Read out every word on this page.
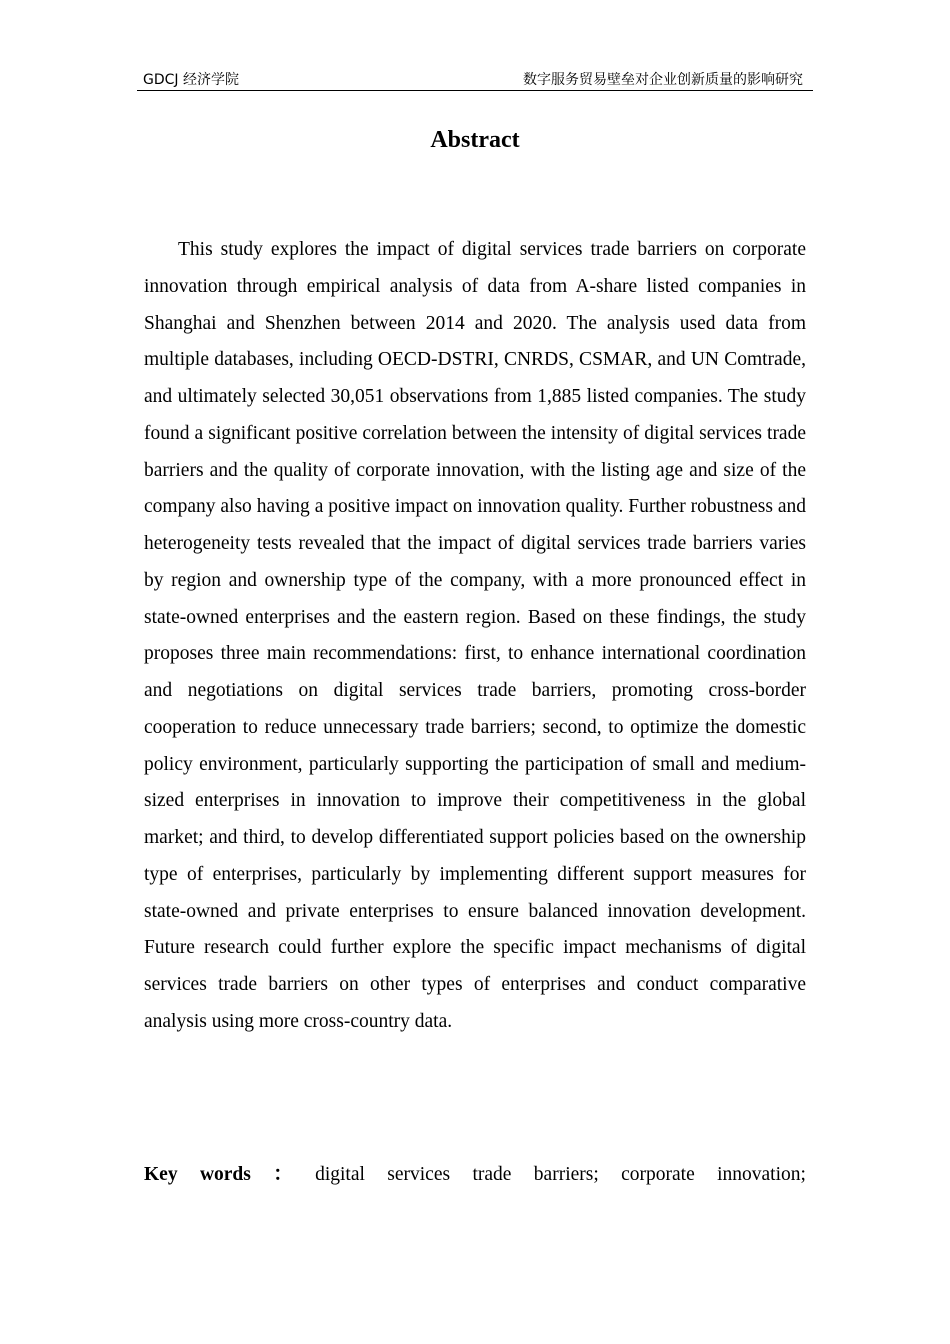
GDCJ 经济学院	数字服务贸易壁垒对企业创新质量的影响研究
Abstract

This study explores the impact of digital services trade barriers on corporate innovation through empirical analysis of data from A-share listed companies in Shanghai and Shenzhen between 2014 and 2020. The analysis used data from multiple databases, including OECD-DSTRI, CNRDS, CSMAR, and UN Comtrade, and ultimately selected 30,051 observations from 1,885 listed companies. The study found a significant positive correlation between the intensity of digital services trade barriers and the quality of corporate innovation, with the listing age and size of the company also having a positive impact on innovation quality. Further robustness and heterogeneity tests revealed that the impact of digital services trade barriers varies by region and ownership type of the company, with a more pronounced effect in state-owned enterprises and the eastern region. Based on these findings, the study proposes three main recommendations: first, to enhance international coordination and negotiations on digital services trade barriers, promoting cross-border cooperation to reduce unnecessary trade barriers; second, to optimize the domestic policy environment, particularly supporting the participation of small and medium-sized enterprises in innovation to improve their competitiveness in the global market; and third, to develop differentiated support policies based on the ownership type of enterprises, particularly by implementing different support measures for state-owned and private enterprises to ensure balanced innovation development. Future research could further explore the specific impact mechanisms of digital services trade barriers on other types of enterprises and conduct comparative analysis using more cross-country data.

Key words ： digital services trade barriers; corporate innovation;
